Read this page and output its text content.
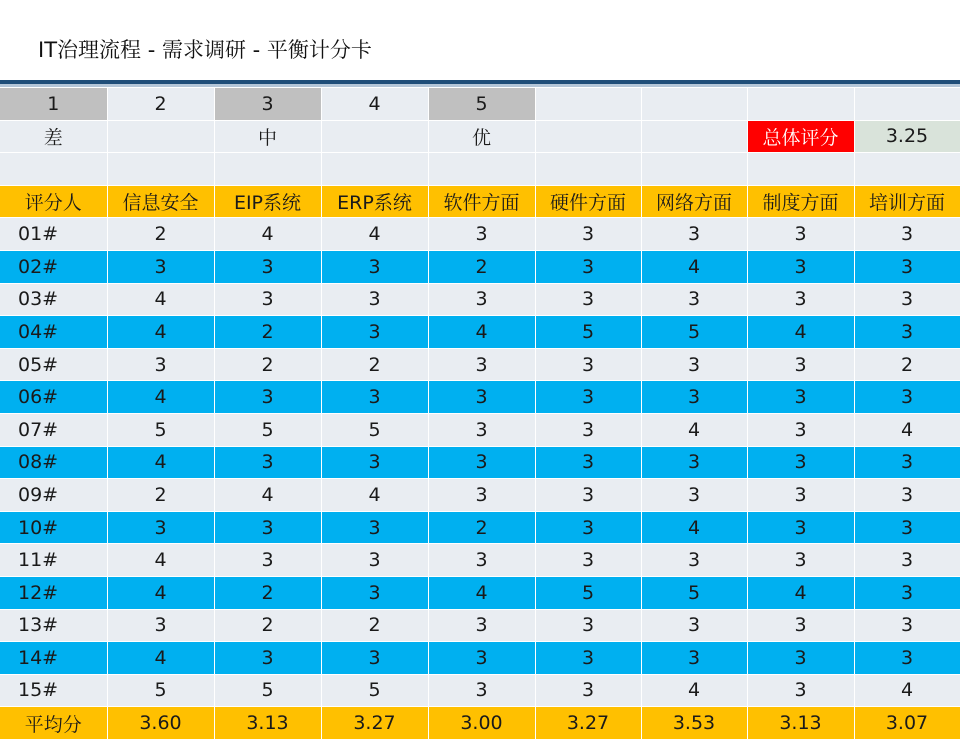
IT治理流程 - 需求调研 - 平衡计分卡
1	2	3	4	5				
差		中		优			总体评分	3.25

评分人	信息安全	EIP系统	ERP系统	软件方面	硬件方面	网络方面	制度方面	培训方面
01#	2	4	4	3	3	3	3	3
02#	3	3	3	2	3	4	3	3
03#	4	3	3	3	3	3	3	3
04#	4	2	3	4	5	5	4	3
05#	3	2	2	3	3	3	3	2
06#	4	3	3	3	3	3	3	3
07#	5	5	5	3	3	4	3	4
08#	4	3	3	3	3	3	3	3
09#	2	4	4	3	3	3	3	3
10#	3	3	3	2	3	4	3	3
11#	4	3	3	3	3	3	3	3
12#	4	2	3	4	5	5	4	3
13#	3	2	2	3	3	3	3	3
14#	4	3	3	3	3	3	3	3
15#	5	5	5	3	3	4	3	4
平均分	3.60	3.13	3.27	3.00	3.27	3.53	3.13	3.07
